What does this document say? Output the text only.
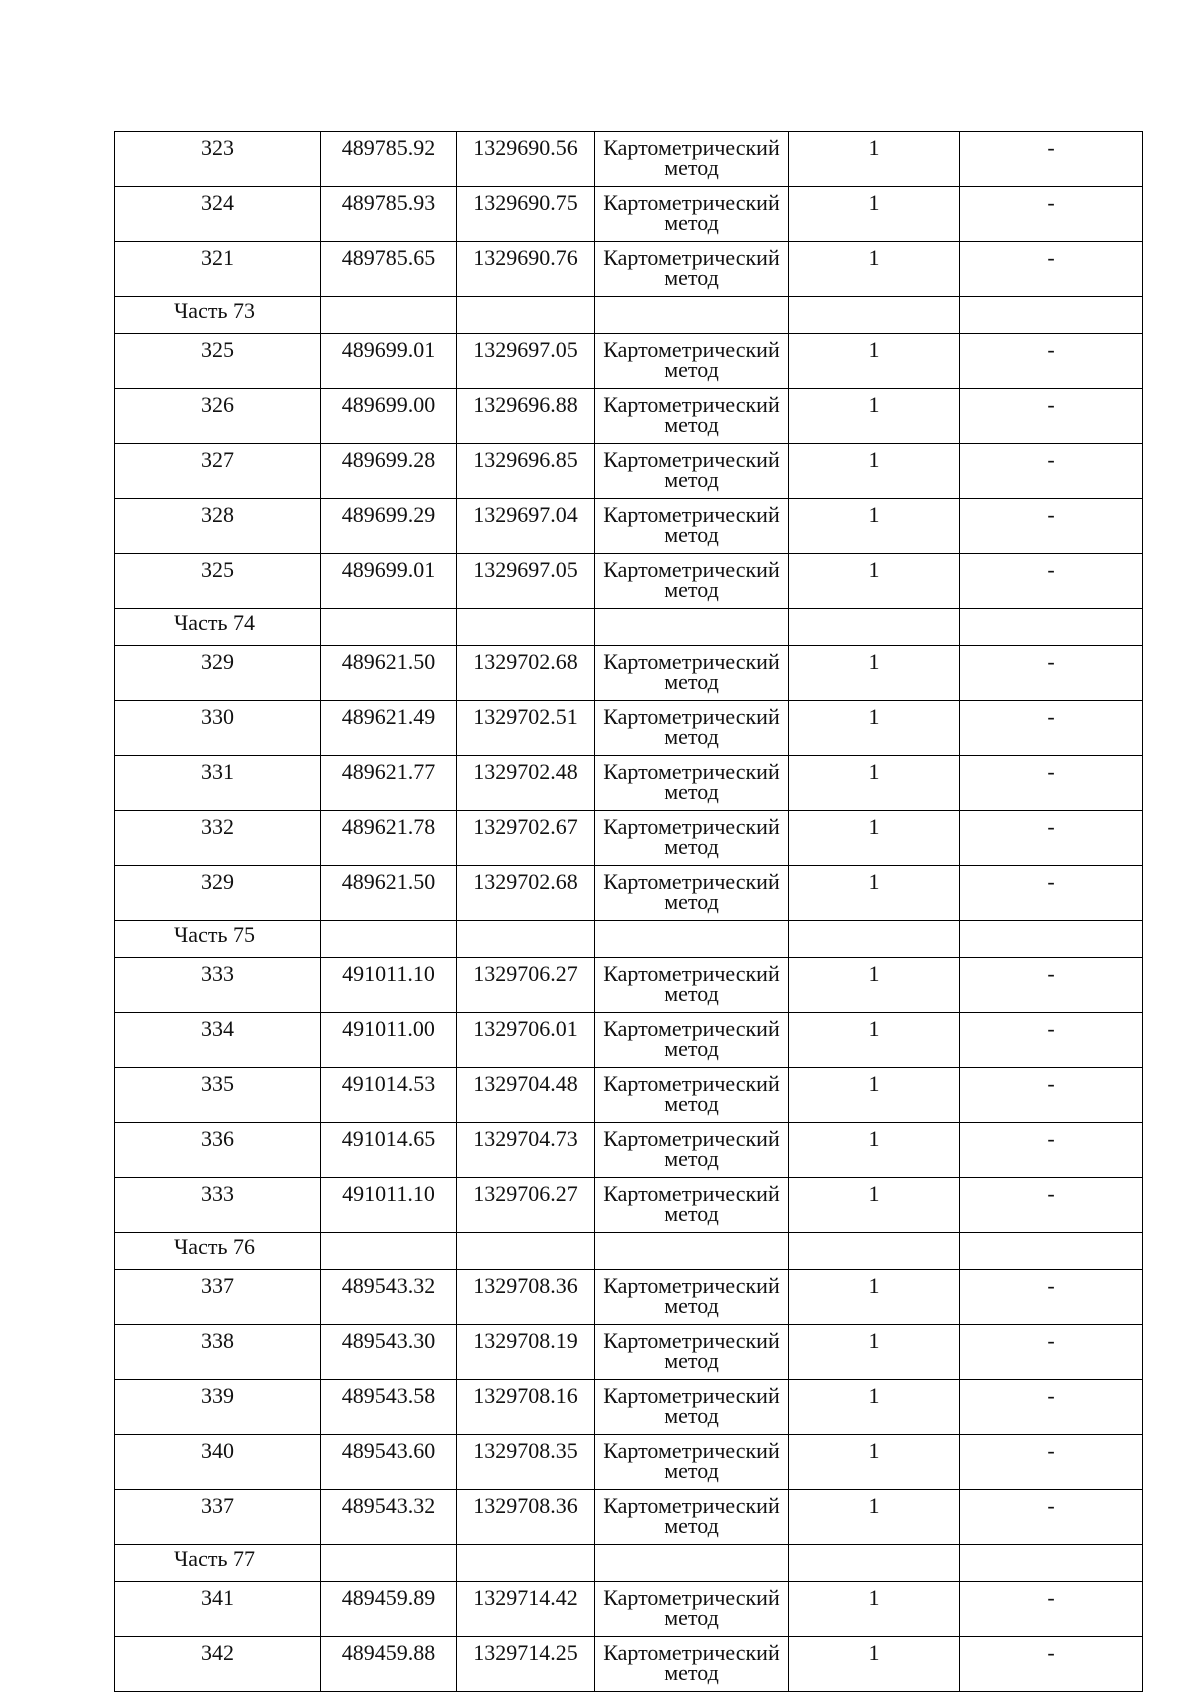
323	489785.92	1329690.56	Картометрический
метод	1	-
324	489785.93	1329690.75	Картометрический
метод	1	-
321	489785.65	1329690.76	Картометрический
метод	1	-
Часть 73					
325	489699.01	1329697.05	Картометрический
метод	1	-
326	489699.00	1329696.88	Картометрический
метод	1	-
327	489699.28	1329696.85	Картометрический
метод	1	-
328	489699.29	1329697.04	Картометрический
метод	1	-
325	489699.01	1329697.05	Картометрический
метод	1	-
Часть 74					
329	489621.50	1329702.68	Картометрический
метод	1	-
330	489621.49	1329702.51	Картометрический
метод	1	-
331	489621.77	1329702.48	Картометрический
метод	1	-
332	489621.78	1329702.67	Картометрический
метод	1	-
329	489621.50	1329702.68	Картометрический
метод	1	-
Часть 75					
333	491011.10	1329706.27	Картометрический
метод	1	-
334	491011.00	1329706.01	Картометрический
метод	1	-
335	491014.53	1329704.48	Картометрический
метод	1	-
336	491014.65	1329704.73	Картометрический
метод	1	-
333	491011.10	1329706.27	Картометрический
метод	1	-
Часть 76					
337	489543.32	1329708.36	Картометрический
метод	1	-
338	489543.30	1329708.19	Картометрический
метод	1	-
339	489543.58	1329708.16	Картометрический
метод	1	-
340	489543.60	1329708.35	Картометрический
метод	1	-
337	489543.32	1329708.36	Картометрический
метод	1	-
Часть 77					
341	489459.89	1329714.42	Картометрический
метод	1	-
342	489459.88	1329714.25	Картометрический
метод	1	-
